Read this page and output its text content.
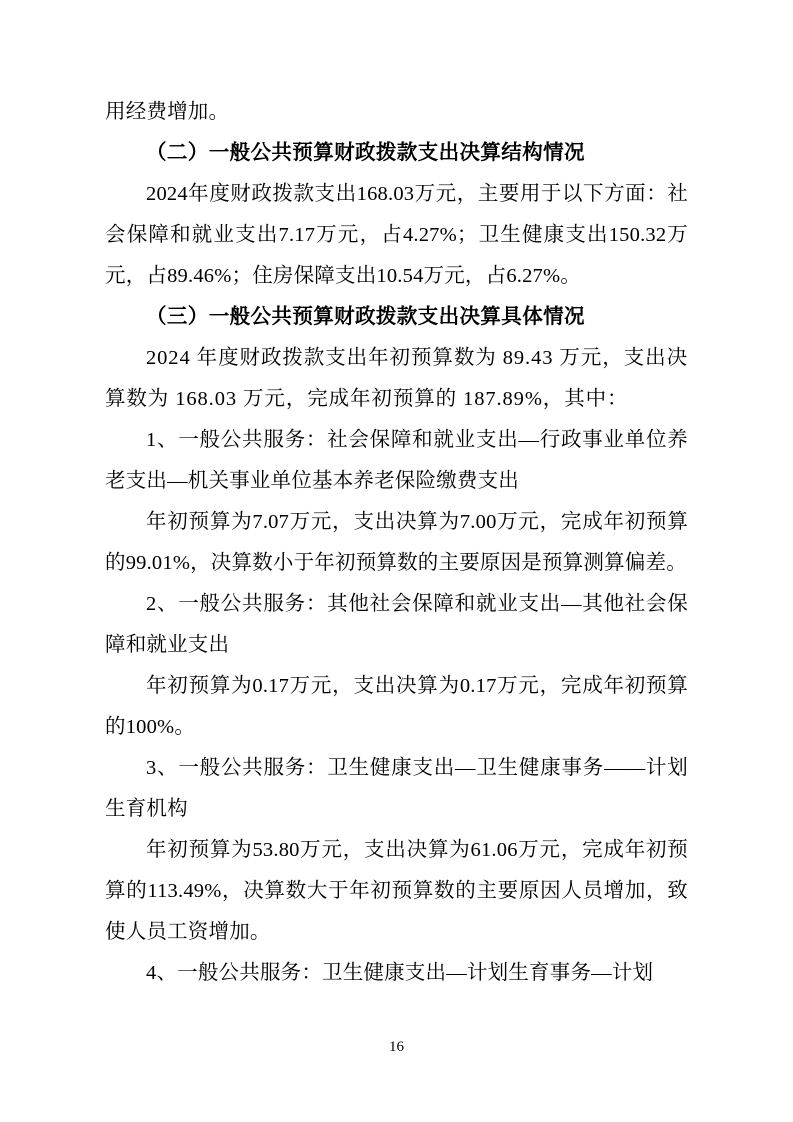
用经费增加。

（二）一般公共预算财政拨款支出决算结构情况

2024年度财政拨款支出168.03万元，主要用于以下方面：社会保障和就业支出7.17万元，占4.27%；卫生健康支出150.32万元，占89.46%；住房保障支出10.54万元，占6.27%。

（三）一般公共预算财政拨款支出决算具体情况

2024 年度财政拨款支出年初预算数为 89.43 万元，支出决算数为 168.03 万元，完成年初预算的 187.89%，其中：

1、一般公共服务：社会保障和就业支出—行政事业单位养老支出—机关事业单位基本养老保险缴费支出

年初预算为7.07万元，支出决算为7.00万元，完成年初预算的99.01%，决算数小于年初预算数的主要原因是预算测算偏差。

2、一般公共服务：其他社会保障和就业支出—其他社会保障和就业支出

年初预算为0.17万元，支出决算为0.17万元，完成年初预算的100%。

3、一般公共服务：卫生健康支出—卫生健康事务——计划生育机构

年初预算为53.80万元，支出决算为61.06万元，完成年初预算的113.49%，决算数大于年初预算数的主要原因人员增加，致使人员工资增加。

4、一般公共服务：卫生健康支出—计划生育事务—计划

16
